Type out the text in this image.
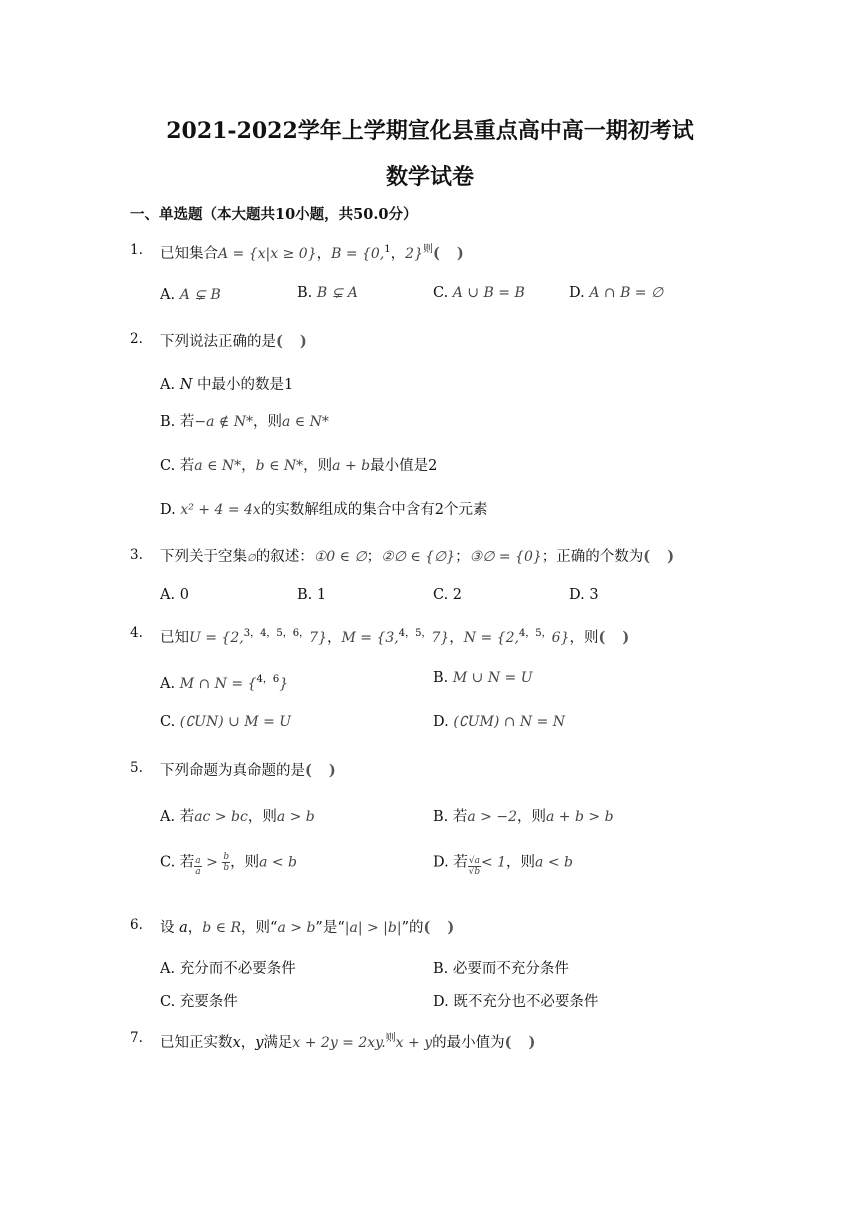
2021-2022学年上学期宣化县重点高中高一期初考试
数学试卷
一、单选题（本大题共10小题，共50.0分）
1. 已知集合A = {x|x ≥ 0}，B = {0,$^1$，2}$^则$( )
A. A ⊊ B	B. B ⊊ A	C. A ∪ B = B	D. A ∩ B = ∅
2. 下列说法正确的是( )
A. N 中最小的数是1
B. 若−a ∉ N*，则a ∈ N*
C. 若a ∈ N*，b ∈ N*，则a + b最小值是2
D. x² + 4 = 4x的实数解组成的集合中含有2个元素
3. 下列关于空集∅的叙述：①0 ∈ ∅；②∅ ∈ {∅}；③∅ = {0}；正确的个数为( )
A. 0	B. 1	C. 2	D. 3
4. 已知U = {2,$^{3,4,5,6,}$7}，M = {3,$^{4,5,}$7}，N = {2,$^{4,5,}$6}，则( )
A. M ∩ N = {$^{4,6}$}	B. M ∪ N = U
C. (∁UN) ∪ M = U	D. (∁UM) ∩ N = N
5. 下列命题为真命题的是( )
A. 若ac > bc，则a > b	B. 若a > −2，则a + b > b
C. 若 $\frac{a}{a} > \frac{b}{b}$ ，则a < b	D. 若 $\frac{√a}{√b} < 1$，则a < b
6. 设 a，b ∈ R，则“a > b”是“|a| > |b|”的( )
A. 充分而不必要条件	B. 必要而不充分条件
C. 充要条件	D. 既不充分也不必要条件
7. 已知正实数x，y满足x + 2y = 2xy.$^则$x + y的最小值为( )
